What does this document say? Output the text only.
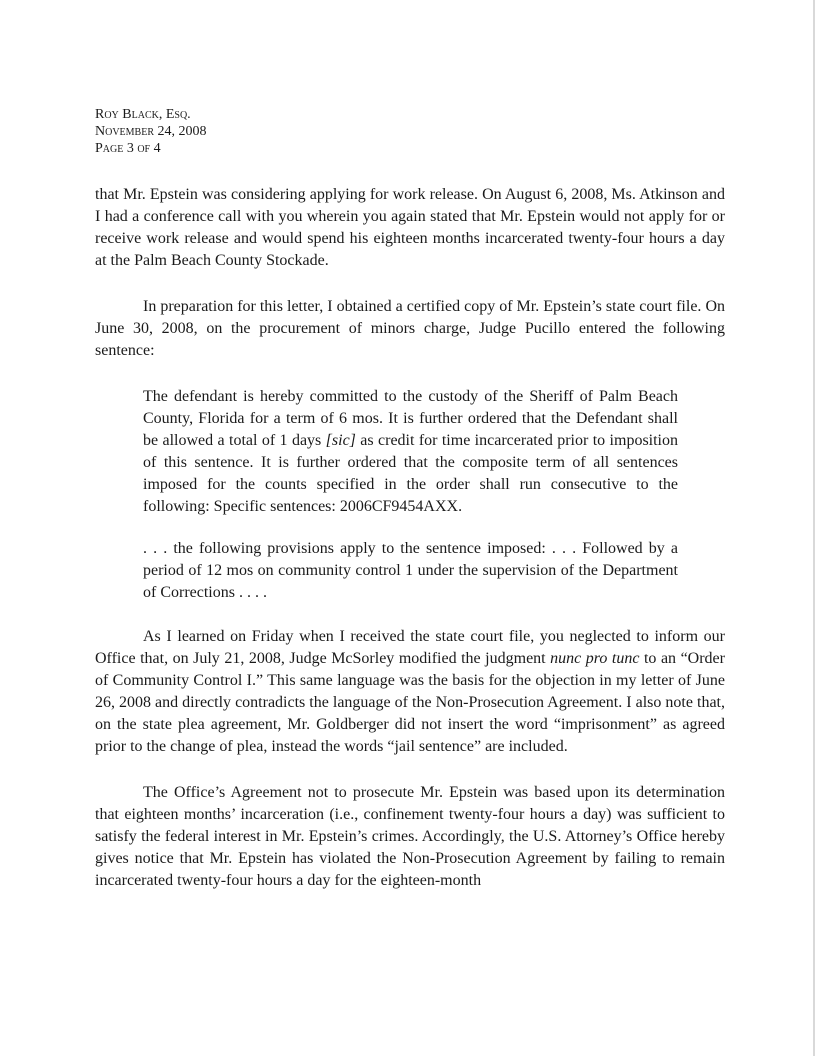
Roy Black, Esq.
November 24, 2008
Page 3 of 4

that Mr. Epstein was considering applying for work release. On August 6, 2008, Ms. Atkinson and I had a conference call with you wherein you again stated that Mr. Epstein would not apply for or receive work release and would spend his eighteen months incarcerated twenty-four hours a day at the Palm Beach County Stockade.

In preparation for this letter, I obtained a certified copy of Mr. Epstein’s state court file. On June 30, 2008, on the procurement of minors charge, Judge Pucillo entered the following sentence:

The defendant is hereby committed to the custody of the Sheriff of Palm Beach County, Florida for a term of 6 mos. It is further ordered that the Defendant shall be allowed a total of 1 days [sic] as credit for time incarcerated prior to imposition of this sentence. It is further ordered that the composite term of all sentences imposed for the counts specified in the order shall run consecutive to the following: Specific sentences: 2006CF9454AXX.

. . . the following provisions apply to the sentence imposed: . . . Followed by a period of 12 mos on community control 1 under the supervision of the Department of Corrections . . . .

As I learned on Friday when I received the state court file, you neglected to inform our Office that, on July 21, 2008, Judge McSorley modified the judgment nunc pro tunc to an “Order of Community Control I.” This same language was the basis for the objection in my letter of June 26, 2008 and directly contradicts the language of the Non-Prosecution Agreement. I also note that, on the state plea agreement, Mr. Goldberger did not insert the word “imprisonment” as agreed prior to the change of plea, instead the words “jail sentence” are included.

The Office’s Agreement not to prosecute Mr. Epstein was based upon its determination that eighteen months’ incarceration (i.e., confinement twenty-four hours a day) was sufficient to satisfy the federal interest in Mr. Epstein’s crimes. Accordingly, the U.S. Attorney’s Office hereby gives notice that Mr. Epstein has violated the Non-Prosecution Agreement by failing to remain incarcerated twenty-four hours a day for the eighteen-month
